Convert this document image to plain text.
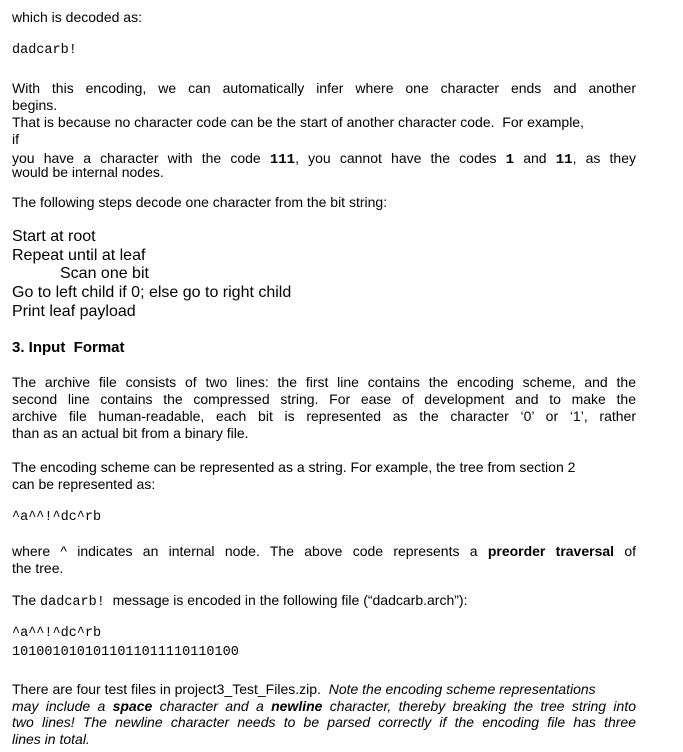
which is decoded as:
dadcarb!
With this encoding, we can automatically infer where one character ends and another
begins.
That is because no character code can be the start of another character code.  For example,
if
you have a character with the code 111, you cannot have the codes 1 and 11, as they
would be internal nodes.
The following steps decode one character from the bit string:
Start at root
Repeat until at leaf
Scan one bit
Go to left child if 0; else go to right child
Print leaf payload
3. Input  Format
The archive file consists of two lines: the first line contains the encoding scheme, and the
second line contains the compressed string. For ease of development and to make the
archive file human-readable, each bit is represented as the character ‘0’ or ‘1’, rather
than as an actual bit from a binary file.
The encoding scheme can be represented as a string. For example, the tree from section 2
can be represented as:
^a^^!^dc^rb
where ^ indicates an internal node. The above code represents a preorder traversal of
the tree.
The dadcarb! message is encoded in the following file (“dadcarb.arch”):
^a^^!^dc^rb
1010010101011011011110110100
There are four test files in project3_Test_Files.zip. Note the encoding scheme representations
may include a space character and a newline character, thereby breaking the tree string into
two lines! The newline character needs to be parsed correctly if the encoding file has three
lines in total.
